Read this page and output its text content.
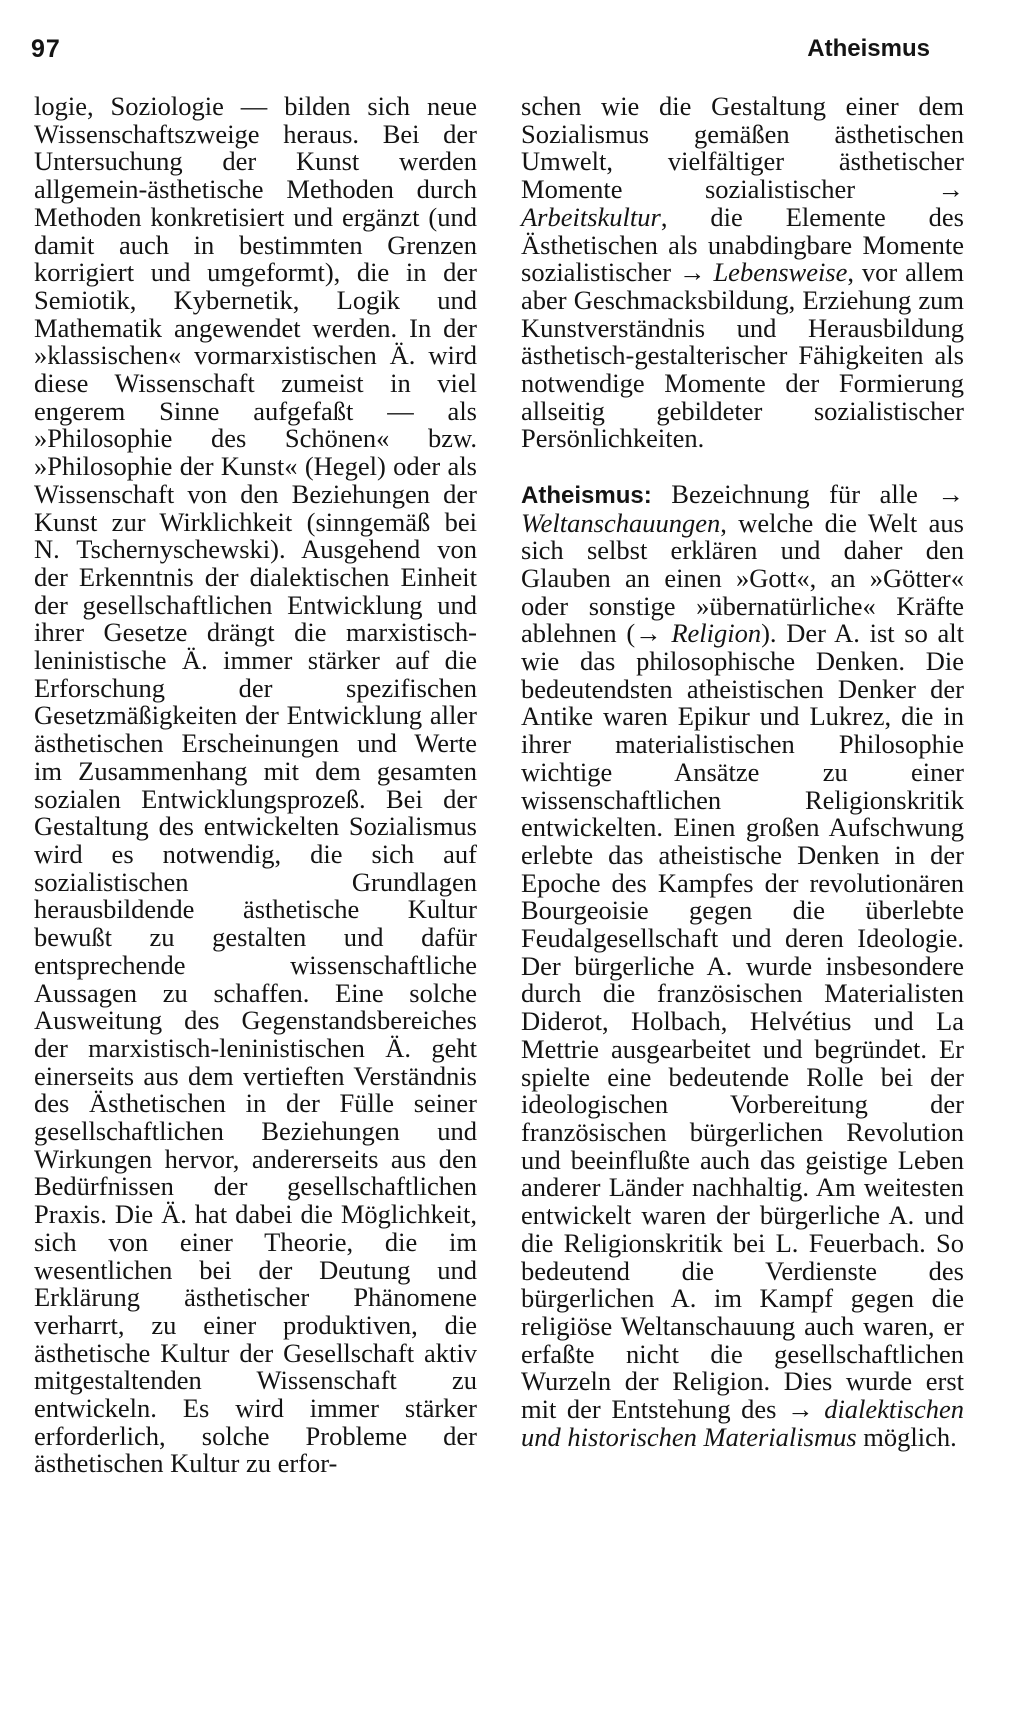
97	Atheismus

logie, Soziologie — bilden sich neue Wissenschaftszweige heraus. Bei der Untersuchung der Kunst werden allgemein-ästhetische Methoden durch Methoden konkretisiert und ergänzt (und damit auch in bestimmten Grenzen korrigiert und umgeformt), die in der Semiotik, Kybernetik, Logik und Mathematik angewendet werden. In der »klassischen« vormarxistischen Ä. wird diese Wissenschaft zumeist in viel engerem Sinne aufgefaßt — als »Philosophie des Schönen« bzw. »Philosophie der Kunst« (Hegel) oder als Wissenschaft von den Beziehungen der Kunst zur Wirklichkeit (sinngemäß bei N. Tschernyschewski). Ausgehend von der Erkenntnis der dialektischen Einheit der gesellschaftlichen Entwicklung und ihrer Gesetze drängt die marxistisch-leninistische Ä. immer stärker auf die Erforschung der spezifischen Gesetzmäßigkeiten der Entwicklung aller ästhetischen Erscheinungen und Werte im Zusammenhang mit dem gesamten sozialen Entwicklungsprozeß. Bei der Gestaltung des entwickelten Sozialismus wird es notwendig, die sich auf sozialistischen Grundlagen herausbildende ästhetische Kultur bewußt zu gestalten und dafür entsprechende wissenschaftliche Aussagen zu schaffen. Eine solche Ausweitung des Gegenstandsbereiches der marxistisch-leninistischen Ä. geht einerseits aus dem vertieften Verständnis des Ästhetischen in der Fülle seiner gesellschaftlichen Beziehungen und Wirkungen hervor, andererseits aus den Bedürfnissen der gesellschaftlichen Praxis. Die Ä. hat dabei die Möglichkeit, sich von einer Theorie, die im wesentlichen bei der Deutung und Erklärung ästhetischer Phänomene verharrt, zu einer produktiven, die ästhetische Kultur der Gesellschaft aktiv mitgestaltenden Wissenschaft zu entwickeln. Es wird immer stärker erforderlich, solche Probleme der ästhetischen Kultur zu erfor-

schen wie die Gestaltung einer dem Sozialismus gemäßen ästhetischen Umwelt, vielfältiger ästhetischer Momente sozialistischer → Arbeitskultur, die Elemente des Ästhetischen als unabdingbare Momente sozialistischer → Lebensweise, vor allem aber Geschmacksbildung, Erziehung zum Kunstverständnis und Herausbildung ästhetisch-gestalterischer Fähigkeiten als notwendige Momente der Formierung allseitig gebildeter sozialistischer Persönlichkeiten.

Atheismus: Bezeichnung für alle → Weltanschauungen, welche die Welt aus sich selbst erklären und daher den Glauben an einen »Gott«, an »Götter« oder sonstige »übernatürliche« Kräfte ablehnen (→ Religion). Der A. ist so alt wie das philosophische Denken. Die bedeutendsten atheistischen Denker der Antike waren Epikur und Lukrez, die in ihrer materialistischen Philosophie wichtige Ansätze zu einer wissenschaftlichen Religionskritik entwickelten. Einen großen Aufschwung erlebte das atheistische Denken in der Epoche des Kampfes der revolutionären Bourgeoisie gegen die überlebte Feudalgesellschaft und deren Ideologie. Der bürgerliche A. wurde insbesondere durch die französischen Materialisten Diderot, Holbach, Helvétius und La Mettrie ausgearbeitet und begründet. Er spielte eine bedeutende Rolle bei der ideologischen Vorbereitung der französischen bürgerlichen Revolution und beeinflußte auch das geistige Leben anderer Länder nachhaltig. Am weitesten entwickelt waren der bürgerliche A. und die Religionskritik bei L. Feuerbach. So bedeutend die Verdienste des bürgerlichen A. im Kampf gegen die religiöse Weltanschauung auch waren, er erfaßte nicht die gesellschaftlichen Wurzeln der Religion. Dies wurde erst mit der Entstehung des → dialektischen und historischen Materialismus möglich.
